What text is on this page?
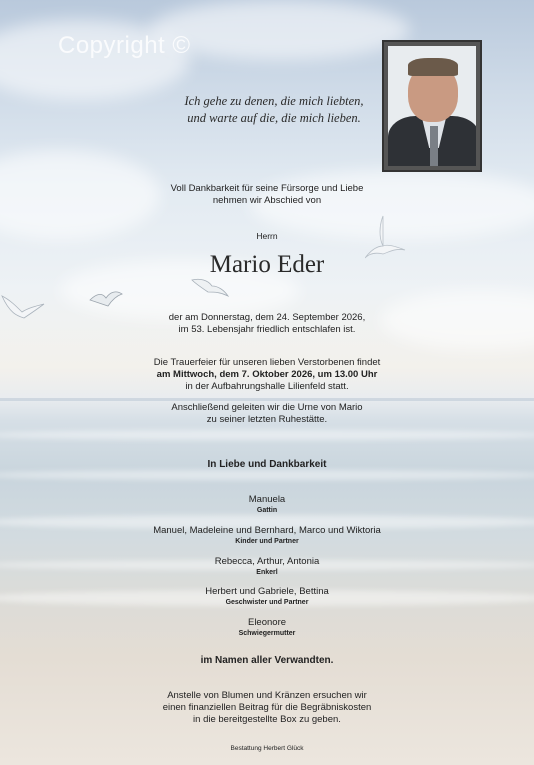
Copyright ©
Ich gehe zu denen, die mich liebten,
und warte auf die, die mich lieben.
Voll Dankbarkeit für seine Fürsorge und Liebe
nehmen wir Abschied von
Herrn
Mario Eder
der am Donnerstag, dem 24. September 2026,
im 53. Lebensjahr friedlich entschlafen ist.
Die Trauerfeier für unseren lieben Verstorbenen findet
am Mittwoch, dem 7. Oktober 2026, um 13.00 Uhr
in der Aufbahrungshalle Lilienfeld statt.
Anschließend geleiten wir die Urne von Mario
zu seiner letzten Ruhestätte.
In Liebe und Dankbarkeit
Manuela
Gattin
Manuel, Madeleine und Bernhard, Marco und Wiktoria
Kinder und Partner
Rebecca, Arthur, Antonia
Enkerl
Herbert und Gabriele, Bettina
Geschwister und Partner
Eleonore
Schwiegermutter
im Namen aller Verwandten.
Anstelle von Blumen und Kränzen ersuchen wir
einen finanziellen Beitrag für die Begräbniskosten
in die bereitgestellte Box zu geben.
Bestattung Herbert Glück
